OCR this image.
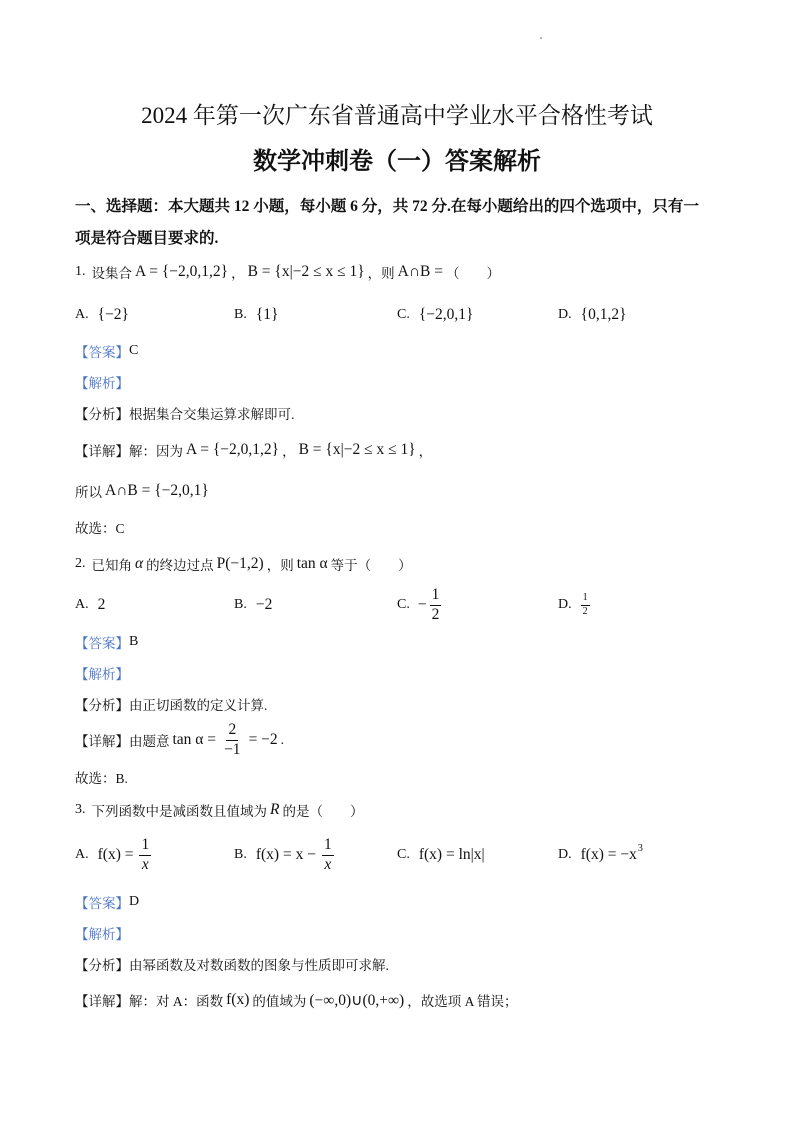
2024 年第一次广东省普通高中学业水平合格性考试
数学冲刺卷（一）答案解析
一、选择题：本大题共 12 小题，每小题 6 分，共 72 分.在每小题给出的四个选项中，只有一
项是符合题目要求的.
1. 设集合 A = {−2,0,1,2} ， B = {x|−2 ≤ x ≤ 1} ，则 A∩B = （　　）
A. {−2}	B. {1}	C. {−2,0,1}	D. {0,1,2}
【答案】 C
【解析】
【分析】 根据集合交集运算求解即可.
【详解】 解：因为 A = {−2,0,1,2} ， B = {x|−2 ≤ x ≤ 1} ，
所以 A∩B = {−2,0,1}
故选：C
2. 已知角 α 的终边过点 P(−1,2) ，则 tan α 等于（　　）
A. 2	B. −2	C. − $\frac{1}{2}$	D. $\frac{1}{2}$
【答案】 B
【解析】
【分析】 由正切函数的定义计算.
【详解】 由题意 $\tan \alpha = \frac{2}{-1} = -2$ .
故选：B.
3. 下列函数中是减函数且值域为 R 的是（　　）
A. $f(x) = \frac{1}{x}$	B. $f(x) = x - \frac{1}{x}$	C. f(x) = ln|x|	D. f(x) = −x 3
【答案】 D
【解析】
【分析】 由幂函数及对数函数的图象与性质即可求解.
【详解】 解：对 A：函数 f(x) 的值域为 (−∞,0)∪(0,+∞) ，故选项 A 错误；
